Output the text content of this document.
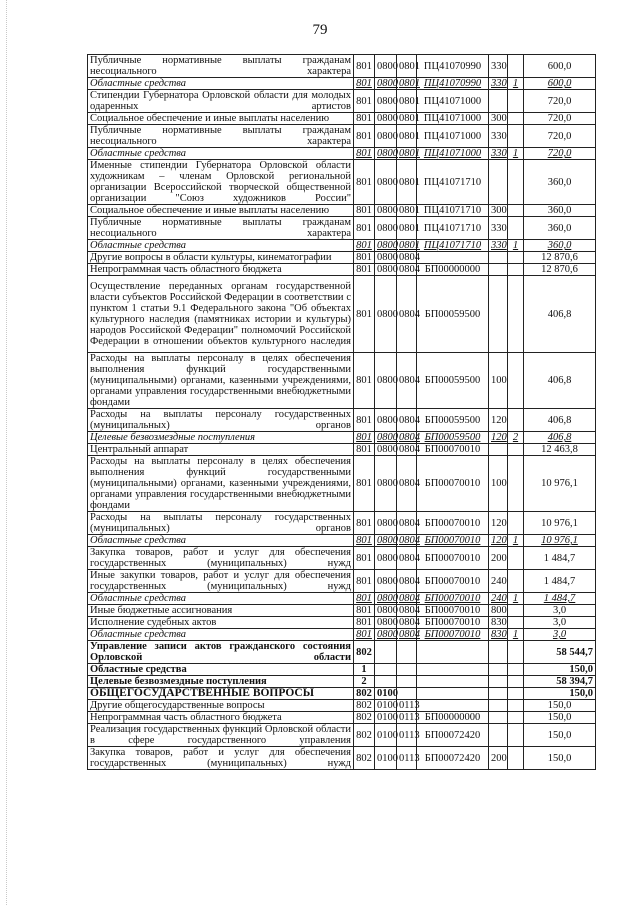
79
Публичные нормативные выплаты гражданам несоциального характера	801	0800	0801	ПЦ41070990	330		600,0
Областные средства	801	0800	0801	ПЦ41070990	330	1	600,0
Стипендии Губернатора Орловской области для молодых одаренных артистов	801	0800	0801	ПЦ41071000			720,0
Социальное обеспечение и иные выплаты населению	801	0800	0801	ПЦ41071000	300		720,0
Публичные нормативные выплаты гражданам несоциального характера	801	0800	0801	ПЦ41071000	330		720,0
Областные средства	801	0800	0801	ПЦ41071000	330	1	720,0
Именные стипендии Губернатора Орловской области художникам – членам Орловской региональной организации Всероссийской творческой общественной организации "Союз художников России"	801	0800	0801	ПЦ41071710			360,0
Социальное обеспечение и иные выплаты населению	801	0800	0801	ПЦ41071710	300		360,0
Публичные нормативные выплаты гражданам несоциального характера	801	0800	0801	ПЦ41071710	330		360,0
Областные средства	801	0800	0801	ПЦ41071710	330	1	360,0
Другие вопросы в области культуры, кинематографии	801	0800	0804				12 870,6
Непрограммная часть областного бюджета	801	0800	0804	БП00000000			12 870,6
Осуществление переданных органам государственной власти субъектов Российской Федерации в соответствии с пунктом 1 статьи 9.1 Федерального закона "Об объектах культурного наследия (памятниках истории и культуры) народов Российской Федерации" полномочий Российской Федерации в отношении объектов культурного наследия	801	0800	0804	БП00059500			406,8
Расходы на выплаты персоналу в целях обеспечения выполнения функций государственными (муниципальными) органами, казенными учреждениями, органами управления государственными внебюджетными фондами	801	0800	0804	БП00059500	100		406,8
Расходы на выплаты персоналу государственных (муниципальных) органов	801	0800	0804	БП00059500	120		406,8
Целевые безвозмездные поступления	801	0800	0804	БП00059500	120	2	406,8
Центральный аппарат	801	0800	0804	БП00070010			12 463,8
Расходы на выплаты персоналу в целях обеспечения выполнения функций государственными (муниципальными) органами, казенными учреждениями, органами управления государственными внебюджетными фондами	801	0800	0804	БП00070010	100		10 976,1
Расходы на выплаты персоналу государственных (муниципальных) органов	801	0800	0804	БП00070010	120		10 976,1
Областные средства	801	0800	0804	БП00070010	120	1	10 976,1
Закупка товаров, работ и услуг для обеспечения государственных (муниципальных) нужд	801	0800	0804	БП00070010	200		1 484,7
Иные закупки товаров, работ и услуг для обеспечения государственных (муниципальных) нужд	801	0800	0804	БП00070010	240		1 484,7
Областные средства	801	0800	0804	БП00070010	240	1	1 484,7
Иные бюджетные ассигнования	801	0800	0804	БП00070010	800		3,0
Исполнение судебных актов	801	0800	0804	БП00070010	830		3,0
Областные средства	801	0800	0804	БП00070010	830	1	3,0
Управление записи актов гражданского состояния Орловской области	802						58 544,7
Областные средства	1						150,0
Целевые безвозмездные поступления	2						58 394,7
ОБЩЕГОСУДАРСТВЕННЫЕ ВОПРОСЫ	802	0100					150,0
Другие общегосударственные вопросы	802	0100	0113				150,0
Непрограммная часть областного бюджета	802	0100	0113	БП00000000			150,0
Реализация государственных функций Орловской области в сфере государственного управления	802	0100	0113	БП00072420			150,0
Закупка товаров, работ и услуг для обеспечения государственных (муниципальных) нужд	802	0100	0113	БП00072420	200		150,0
